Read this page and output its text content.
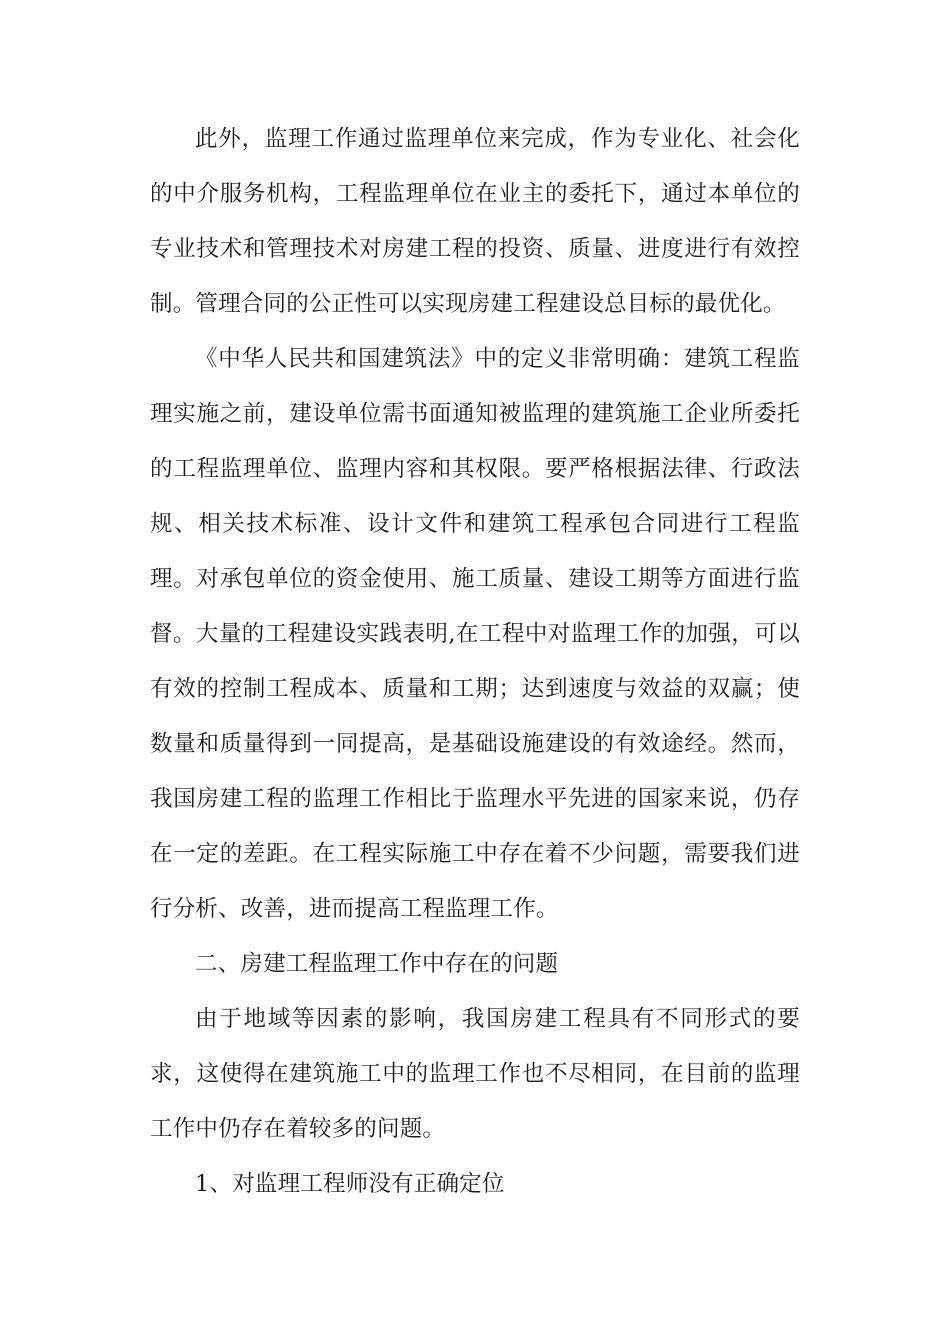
此外，监理工作通过监理单位来完成，作为专业化、社会化的中介服务机构，工程监理单位在业主的委托下，通过本单位的专业技术和管理技术对房建工程的投资、质量、进度进行有效控制。管理合同的公正性可以实现房建工程建设总目标的最优化。

《中华人民共和国建筑法》中的定义非常明确：建筑工程监理实施之前，建设单位需书面通知被监理的建筑施工企业所委托的工程监理单位、监理内容和其权限。要严格根据法律、行政法规、相关技术标准、设计文件和建筑工程承包合同进行工程监理。对承包单位的资金使用、施工质量、建设工期等方面进行监督。大量的工程建设实践表明,在工程中对监理工作的加强，可以有效的控制工程成本、质量和工期；达到速度与效益的双赢；使数量和质量得到一同提高，是基础设施建设的有效途经。然而，我国房建工程的监理工作相比于监理水平先进的国家来说，仍存在一定的差距。在工程实际施工中存在着不少问题，需要我们进行分析、改善，进而提高工程监理工作。

二、房建工程监理工作中存在的问题

由于地域等因素的影响，我国房建工程具有不同形式的要求，这使得在建筑施工中的监理工作也不尽相同，在目前的监理工作中仍存在着较多的问题。

1、对监理工程师没有正确定位
